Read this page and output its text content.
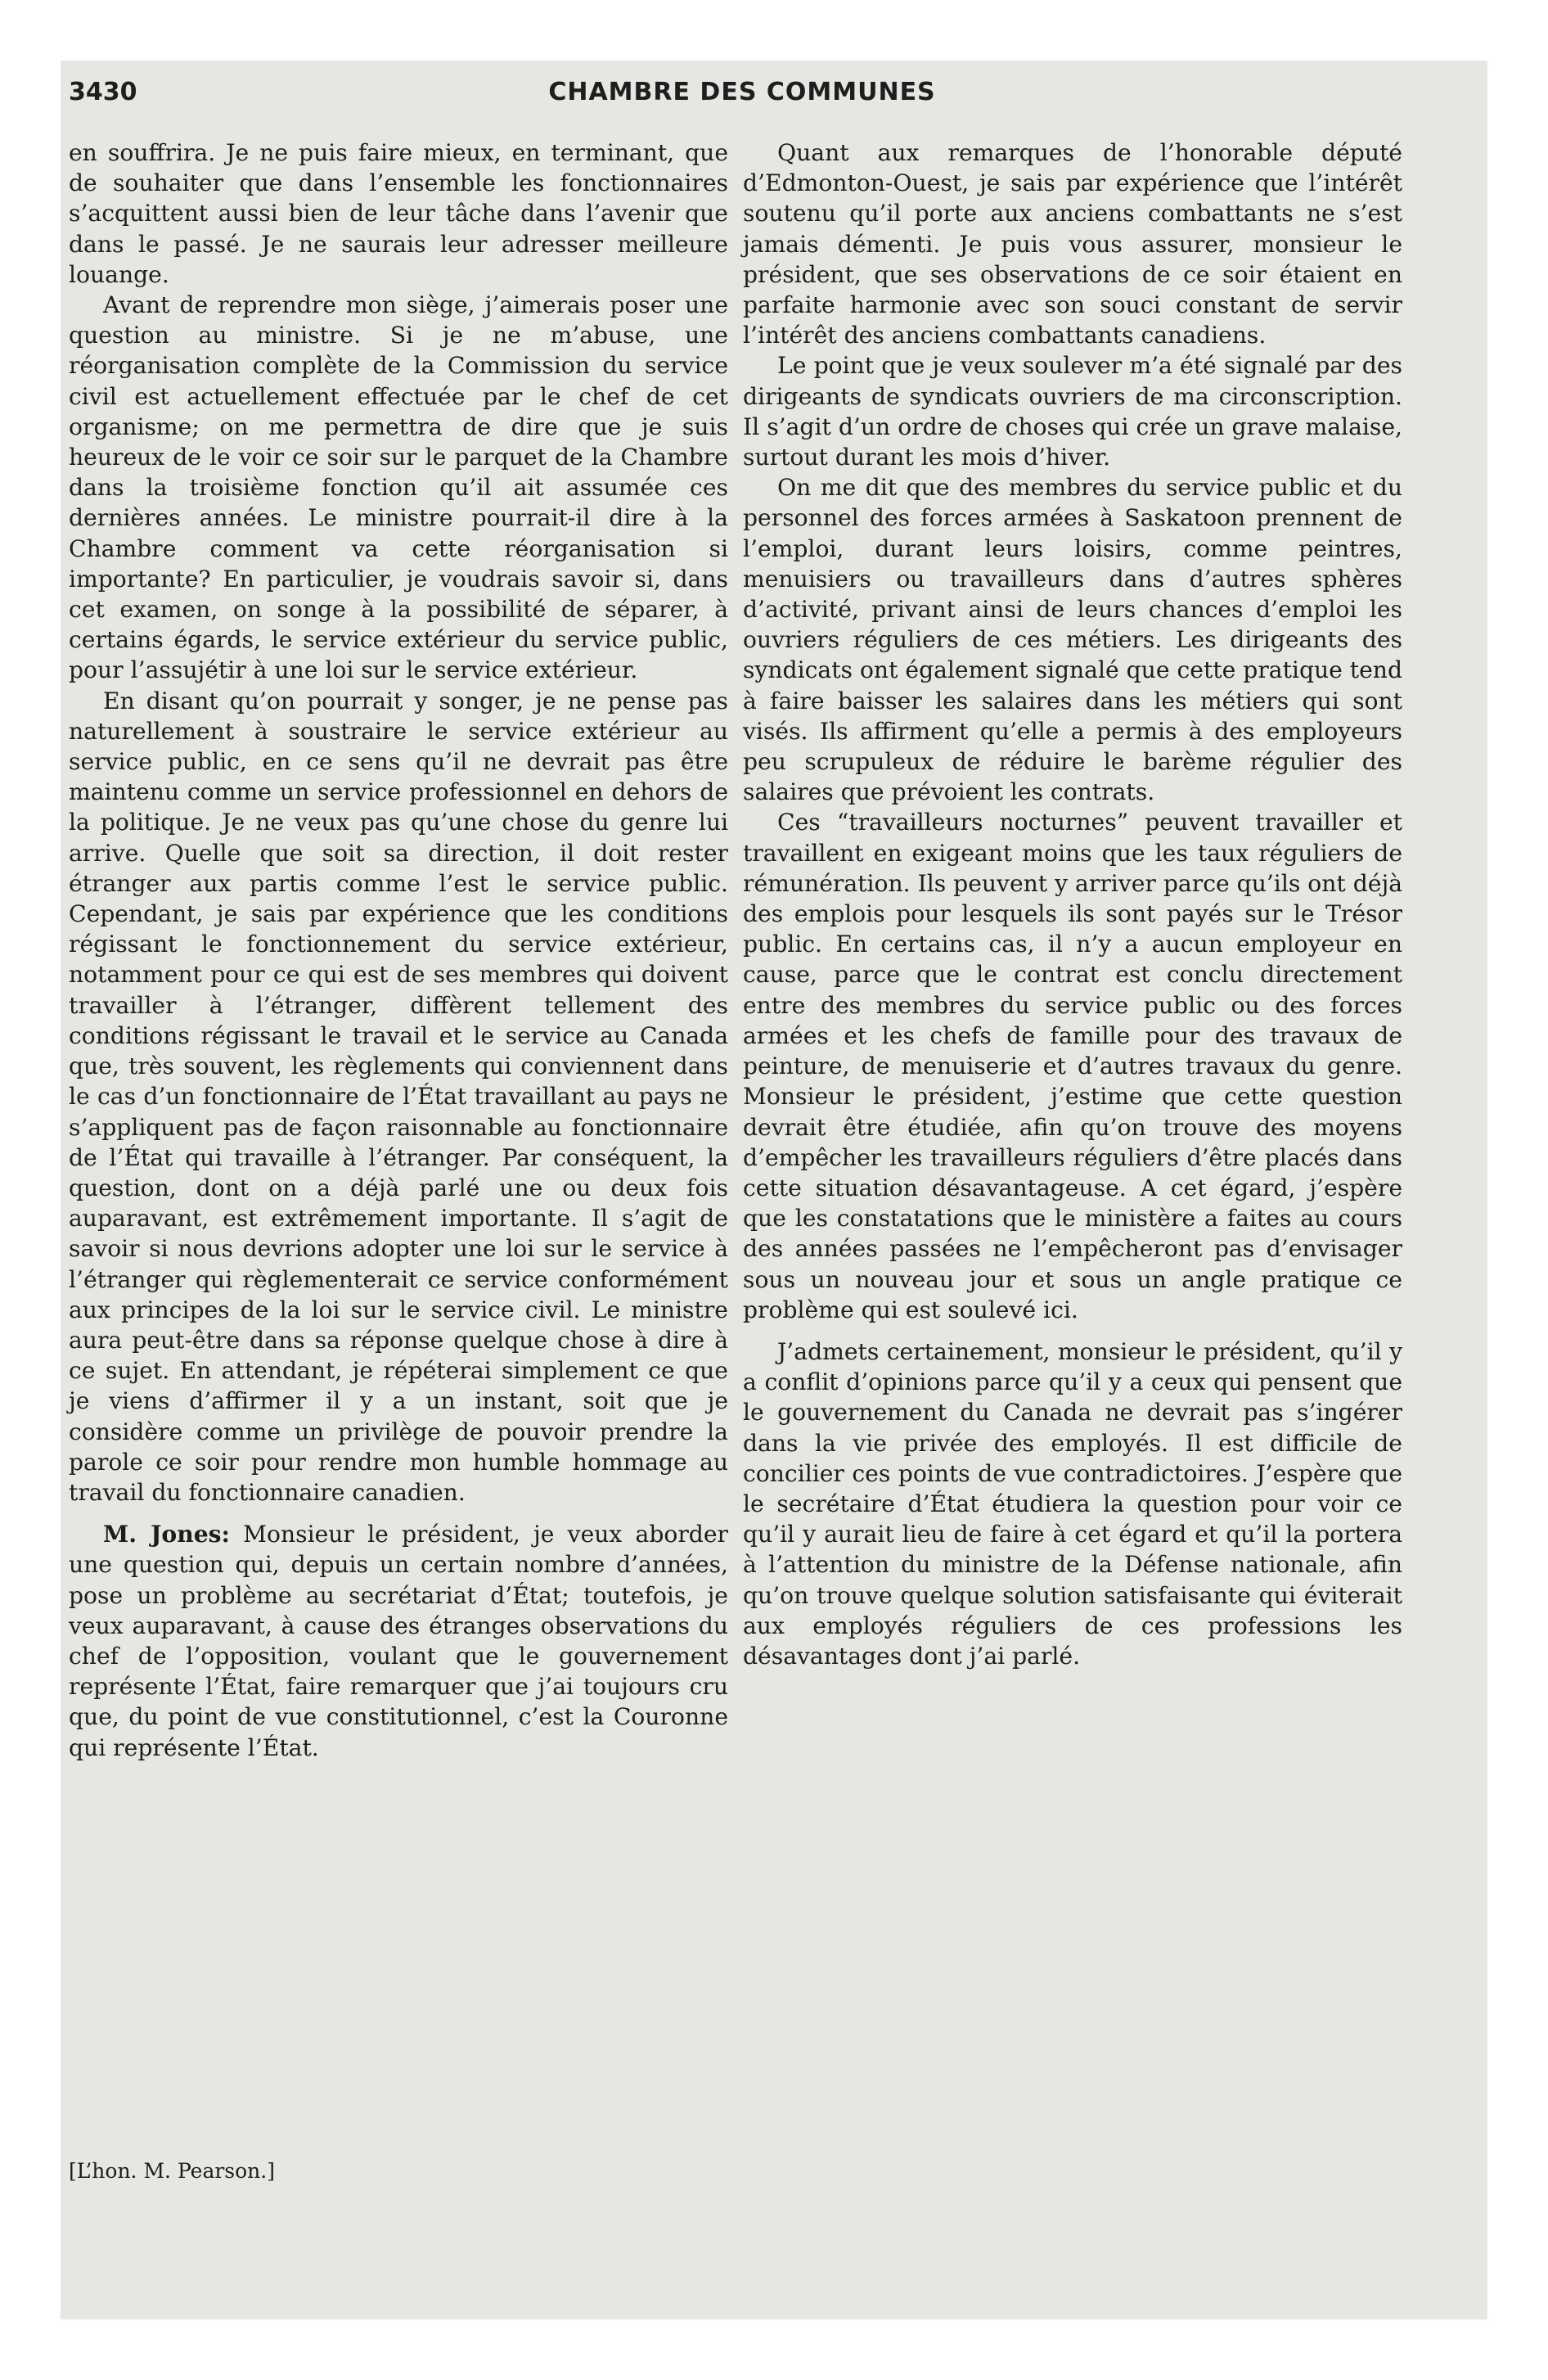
3430	CHAMBRE DES COMMUNES

en souffrira. Je ne puis faire mieux, en terminant, que de souhaiter que dans l’ensemble les fonctionnaires s’acquittent aussi bien de leur tâche dans l’avenir que dans le passé. Je ne saurais leur adresser meilleure louange.

Avant de reprendre mon siège, j’aimerais poser une question au ministre. Si je ne m’abuse, une réorganisation complète de la Commission du service civil est actuellement effectuée par le chef de cet organisme; on me permettra de dire que je suis heureux de le voir ce soir sur le parquet de la Chambre dans la troisième fonction qu’il ait assumée ces dernières années. Le ministre pourrait-il dire à la Chambre comment va cette réorganisation si importante? En particulier, je voudrais savoir si, dans cet examen, on songe à la possibilité de séparer, à certains égards, le service extérieur du service public, pour l’assujétir à une loi sur le service extérieur.

En disant qu’on pourrait y songer, je ne pense pas naturellement à soustraire le service extérieur au service public, en ce sens qu’il ne devrait pas être maintenu comme un service professionnel en dehors de la politique. Je ne veux pas qu’une chose du genre lui arrive. Quelle que soit sa direction, il doit rester étranger aux partis comme l’est le service public. Cependant, je sais par expérience que les conditions régissant le fonctionnement du service extérieur, notamment pour ce qui est de ses membres qui doivent travailler à l’étranger, diffèrent tellement des conditions régissant le travail et le service au Canada que, très souvent, les règlements qui conviennent dans le cas d’un fonctionnaire de l’État travaillant au pays ne s’appliquent pas de façon raisonnable au fonctionnaire de l’État qui travaille à l’étranger. Par conséquent, la question, dont on a déjà parlé une ou deux fois auparavant, est extrêmement importante. Il s’agit de savoir si nous devrions adopter une loi sur le service à l’étranger qui règlementerait ce service conformément aux principes de la loi sur le service civil. Le ministre aura peut-être dans sa réponse quelque chose à dire à ce sujet. En attendant, je répéterai simplement ce que je viens d’affirmer il y a un instant, soit que je considère comme un privilège de pouvoir prendre la parole ce soir pour rendre mon humble hommage au travail du fonctionnaire canadien.

M. Jones: Monsieur le président, je veux aborder une question qui, depuis un certain nombre d’années, pose un problème au secrétariat d’État; toutefois, je veux auparavant, à cause des étranges observations du chef de l’opposition, voulant que le gouvernement représente l’État, faire remarquer que j’ai toujours cru que, du point de vue constitutionnel, c’est la Couronne qui représente l’État.

[L’hon. M. Pearson.]

Quant aux remarques de l’honorable député d’Edmonton-Ouest, je sais par expérience que l’intérêt soutenu qu’il porte aux anciens combattants ne s’est jamais démenti. Je puis vous assurer, monsieur le président, que ses observations de ce soir étaient en parfaite harmonie avec son souci constant de servir l’intérêt des anciens combattants canadiens.

Le point que je veux soulever m’a été signalé par des dirigeants de syndicats ouvriers de ma circonscription. Il s’agit d’un ordre de choses qui crée un grave malaise, surtout durant les mois d’hiver.

On me dit que des membres du service public et du personnel des forces armées à Saskatoon prennent de l’emploi, durant leurs loisirs, comme peintres, menuisiers ou travailleurs dans d’autres sphères d’activité, privant ainsi de leurs chances d’emploi les ouvriers réguliers de ces métiers. Les dirigeants des syndicats ont également signalé que cette pratique tend à faire baisser les salaires dans les métiers qui sont visés. Ils affirment qu’elle a permis à des employeurs peu scrupuleux de réduire le barème régulier des salaires que prévoient les contrats.

Ces “travailleurs nocturnes” peuvent travailler et travaillent en exigeant moins que les taux réguliers de rémunération. Ils peuvent y arriver parce qu’ils ont déjà des emplois pour lesquels ils sont payés sur le Trésor public. En certains cas, il n’y a aucun employeur en cause, parce que le contrat est conclu directement entre des membres du service public ou des forces armées et les chefs de famille pour des travaux de peinture, de menuiserie et d’autres travaux du genre. Monsieur le président, j’estime que cette question devrait être étudiée, afin qu’on trouve des moyens d’empêcher les travailleurs réguliers d’être placés dans cette situation désavantageuse. A cet égard, j’espère que les constatations que le ministère a faites au cours des années passées ne l’empêcheront pas d’envisager sous un nouveau jour et sous un angle pratique ce problème qui est soulevé ici.

J’admets certainement, monsieur le président, qu’il y a conflit d’opinions parce qu’il y a ceux qui pensent que le gouvernement du Canada ne devrait pas s’ingérer dans la vie privée des employés. Il est difficile de concilier ces points de vue contradictoires. J’espère que le secrétaire d’État étudiera la question pour voir ce qu’il y aurait lieu de faire à cet égard et qu’il la portera à l’attention du ministre de la Défense nationale, afin qu’on trouve quelque solution satisfaisante qui éviterait aux employés réguliers de ces professions les désavantages dont j’ai parlé.
